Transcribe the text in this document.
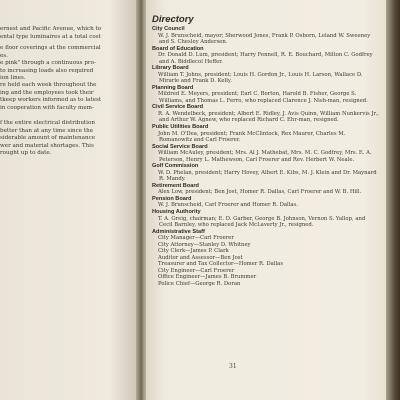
ernest and Pacific Avenue, which to
ental type luminaires at a total cost
e floor coverings at the commercial
es.
e pink" through a continuous pro-
to increasing loads also required
ion lines.
re held each week throughout the
ing and the employees took their
tkeep workers informed as to latest
in cooperation with faculty mem-

f the entire electrical distribution
better than at any time since the
siderable amount of maintenance
wer and material shortages. This
rought up to date.
Directory
City Council
W. J. Brunscheid, mayor; Sherwood Jones, Frank P. Osborn, Leland W. Sweeney and S. Chesley Andersen.
Board of Education
Dr. Donald D. Lum, president; Harry Fennell, R. E. Bouchard, Milton C. Godfrey and A. Biddlecol Heffer.
Library Board
William T. Johns, president; Louis H. Gordon Jr., Louis H. Larson, Wallace D. Mirarle and Frank D. Kelly.
Planning Board
Mildred E. Meyers, president; Earl C. Borton, Harold B. Fisher, George S. Williams, and Thomas L. Ferro, who replaced Clarence J. Nish-man, resigned.
Civil Service Board
R. A. Wendelbeck, president; Albert E. Ridley, J. Avis Quinn, William Nunkervis Jr., and Arthur W. Agnew, who replaced Richard C. Ehr-man, resigned.
Public Utilities Board
John M. O'Dea, president; Frank McClintock, Rex Maurer, Charles M. Romanowitz and Carl Froerer.
Social Service Board
William McAuley, president; Mrs. Al J. Mathebat, Mrs. M. C. Godfrey, Mrs. E. A. Peterson, Henry L. Mathewson, Carl Froerer and Rev. Herbert W. Neale.
Golf Commission
W. D. Phelan, president; Harry Hovey, Albert E. Kibs, M. J. Klein and Dr. Maynard R. Mandy.
Retirement Board
Alex Low, president; Ben Jost, Homer R. Dallas, Carl Froerer and W. B. Hill.
Pension Board
W. J. Brunscheid, Carl Froerer and Homer R. Dallas.
Housing Authority
T. A. Greig, chairman; E. D. Garber, George B. Johnson, Vernon S. Yallop, and Cecil Barnley, who replaced Jack McLaverty Jr., resigned.
Administrative Staff
City Manager—Carl Froerer
City Attorney—Stanley D. Whitney
City Clerk—James P. Clark
Auditor and Assessor—Ben Jost
Treasurer and Tax Collector—Homer R. Dallas
City Engineer—Carl Froerer
Office Engineer—James B. Brummer
Police Chief—George R. Doran
31
